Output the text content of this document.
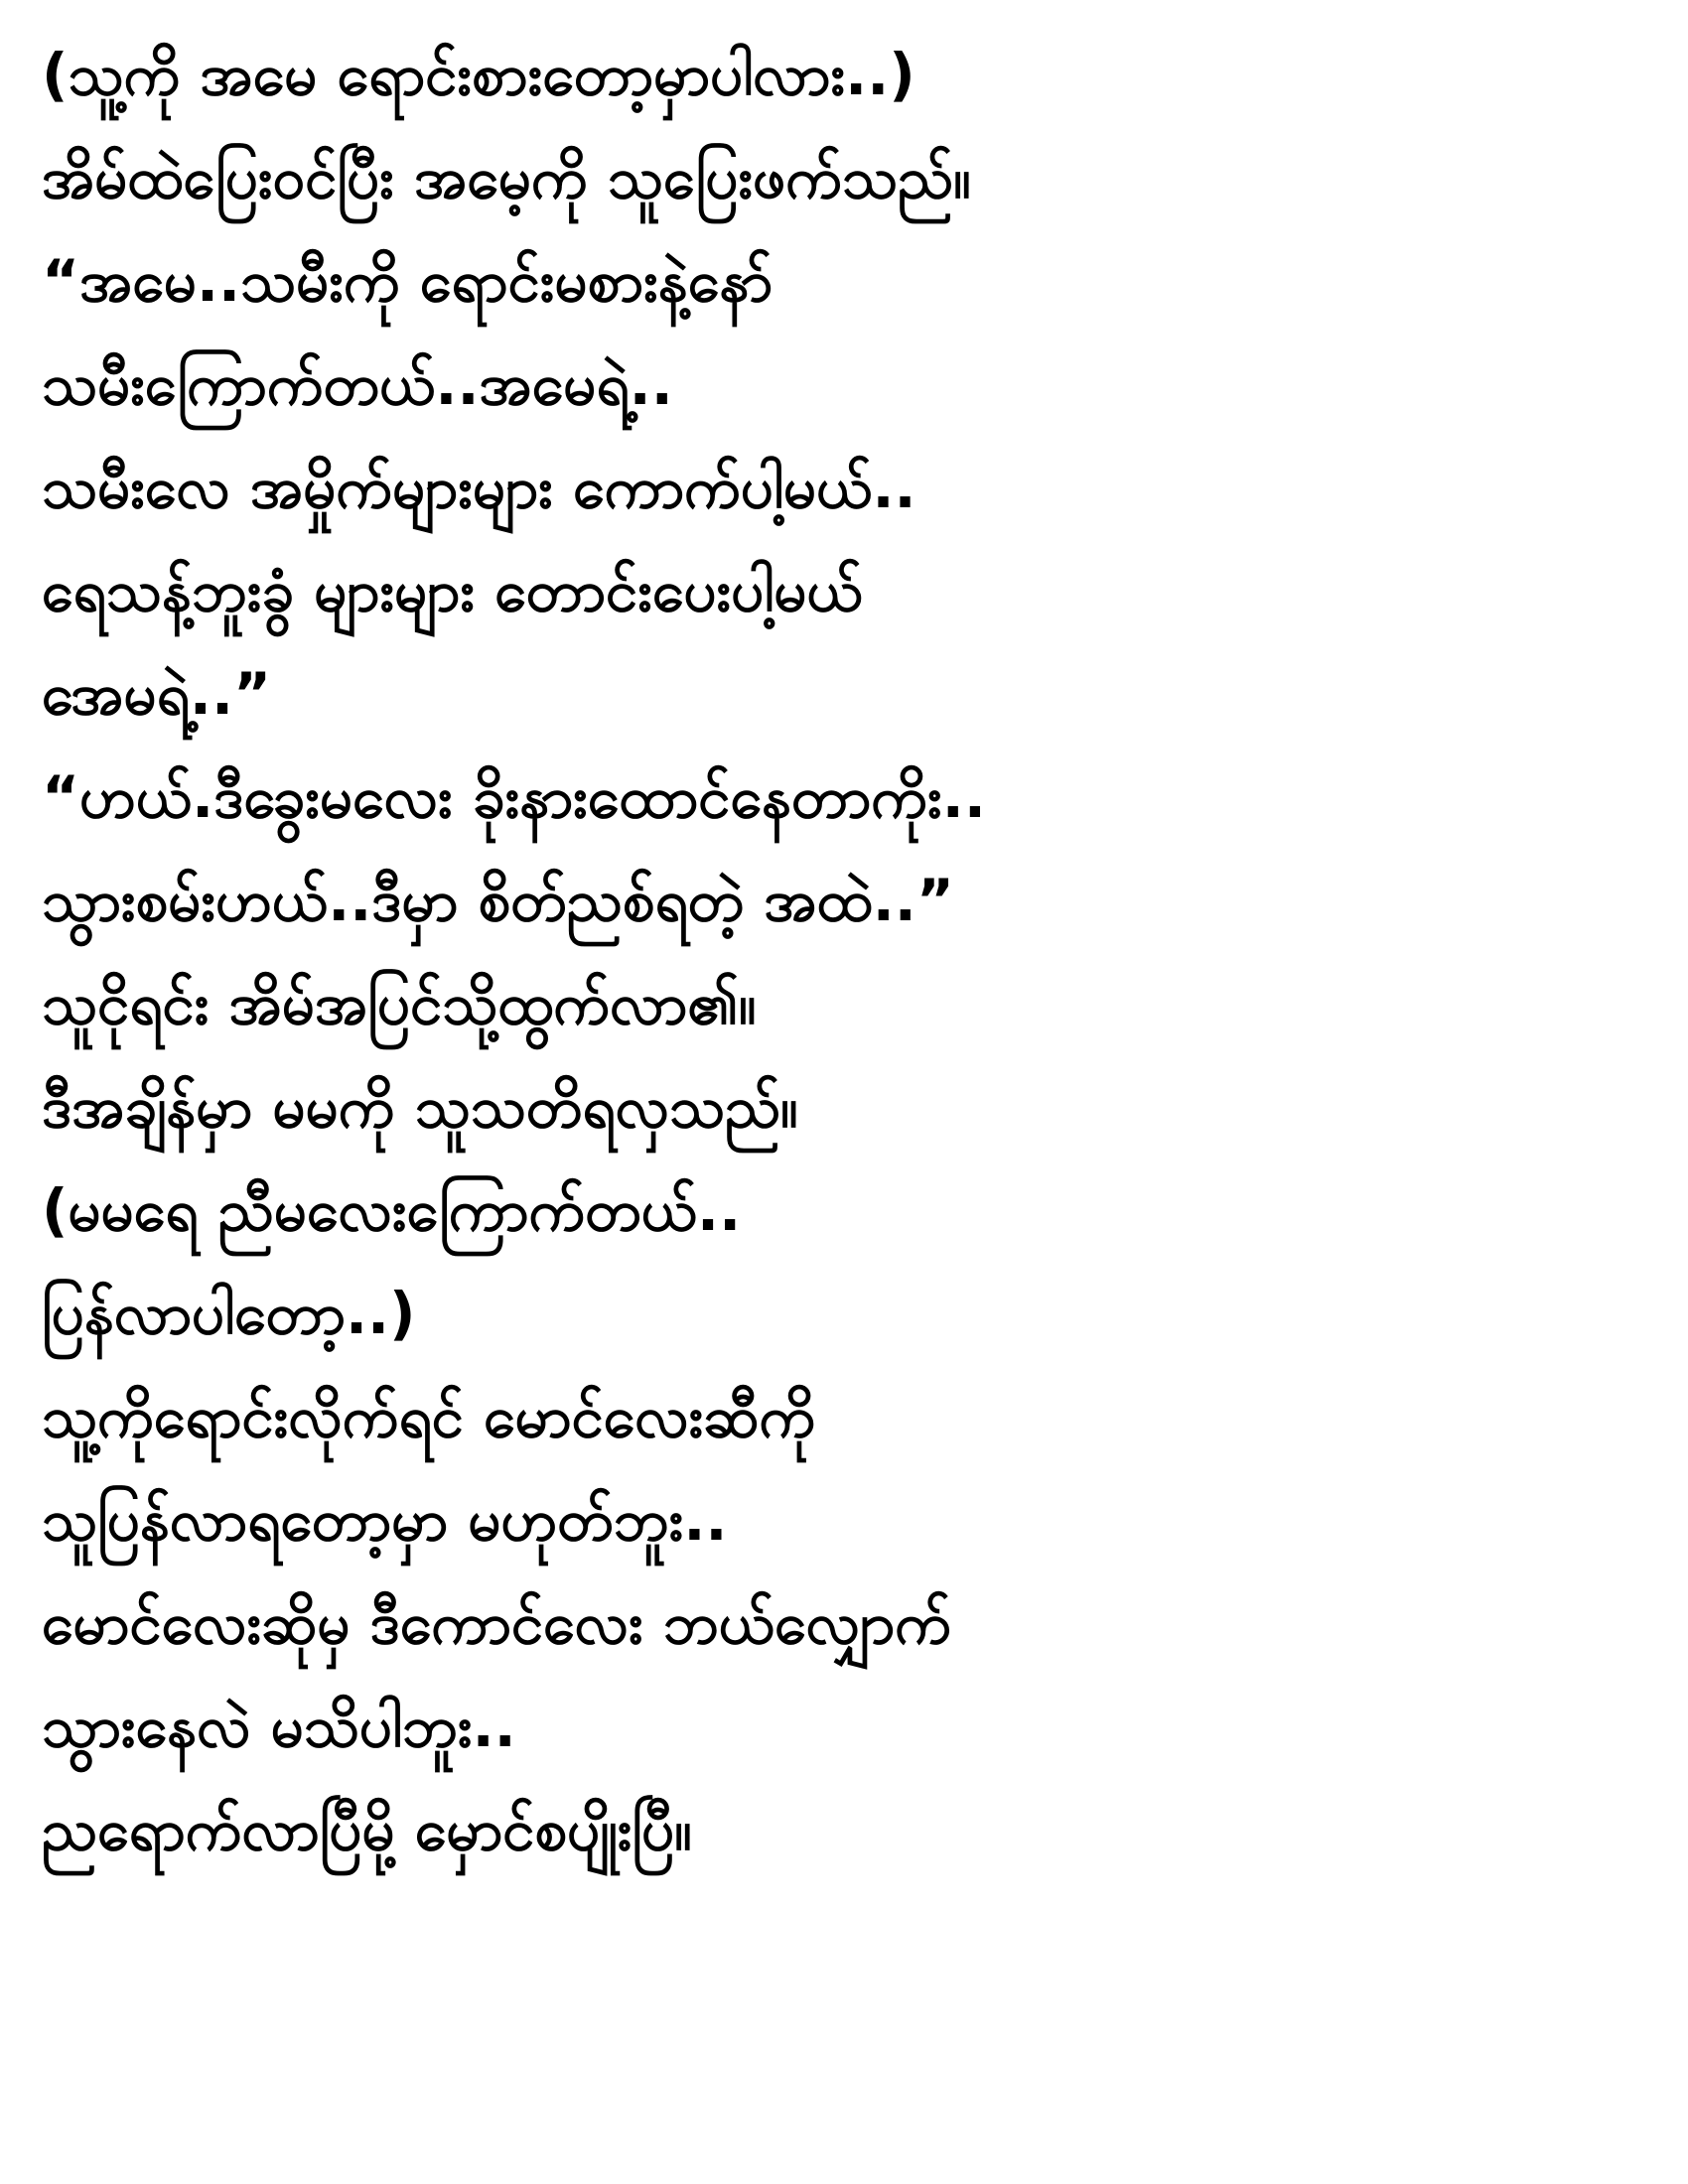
(သူ့ကို အမေ ရောင်းစားတော့မှာပါလား..)
အိမ်ထဲပြေးဝင်ပြီး အမေ့ကို သူပြေးဖက်သည်။
“အမေ..သမီးကို ရောင်းမစားနဲ့နော်
သမီးကြောက်တယ်..အမေရဲ့..
သမီးလေ အမှိုက်များများ ကောက်ပါ့မယ်..
ရေသန့်ဘူးခွံ များများ တောင်းပေးပါ့မယ်
အေမရဲ့..”
“ဟယ်.ဒီခွေးမလေး ခိုးနားထောင်နေတာကိုး..
သွားစမ်းဟယ်..ဒီမှာ စိတ်ညစ်ရတဲ့ အထဲ..”
သူငိုရင်း အိမ်အပြင်သို့ထွက်လာ၏။
ဒီအချိန်မှာ မမကို သူသတိရလှသည်။
(မမရေ ညီမလေးကြောက်တယ်..
ပြန်လာပါတော့..)
သူ့ကိုရောင်းလိုက်ရင် မောင်လေးဆီကို
သူပြန်လာရတော့မှာ မဟုတ်ဘူး..
မောင်လေးဆိုမှ ဒီကောင်လေး ဘယ်လျှောက်
သွားနေလဲ မသိပါဘူး..
ညရောက်လာပြီမို့ မှောင်စပျိုးပြီ။
